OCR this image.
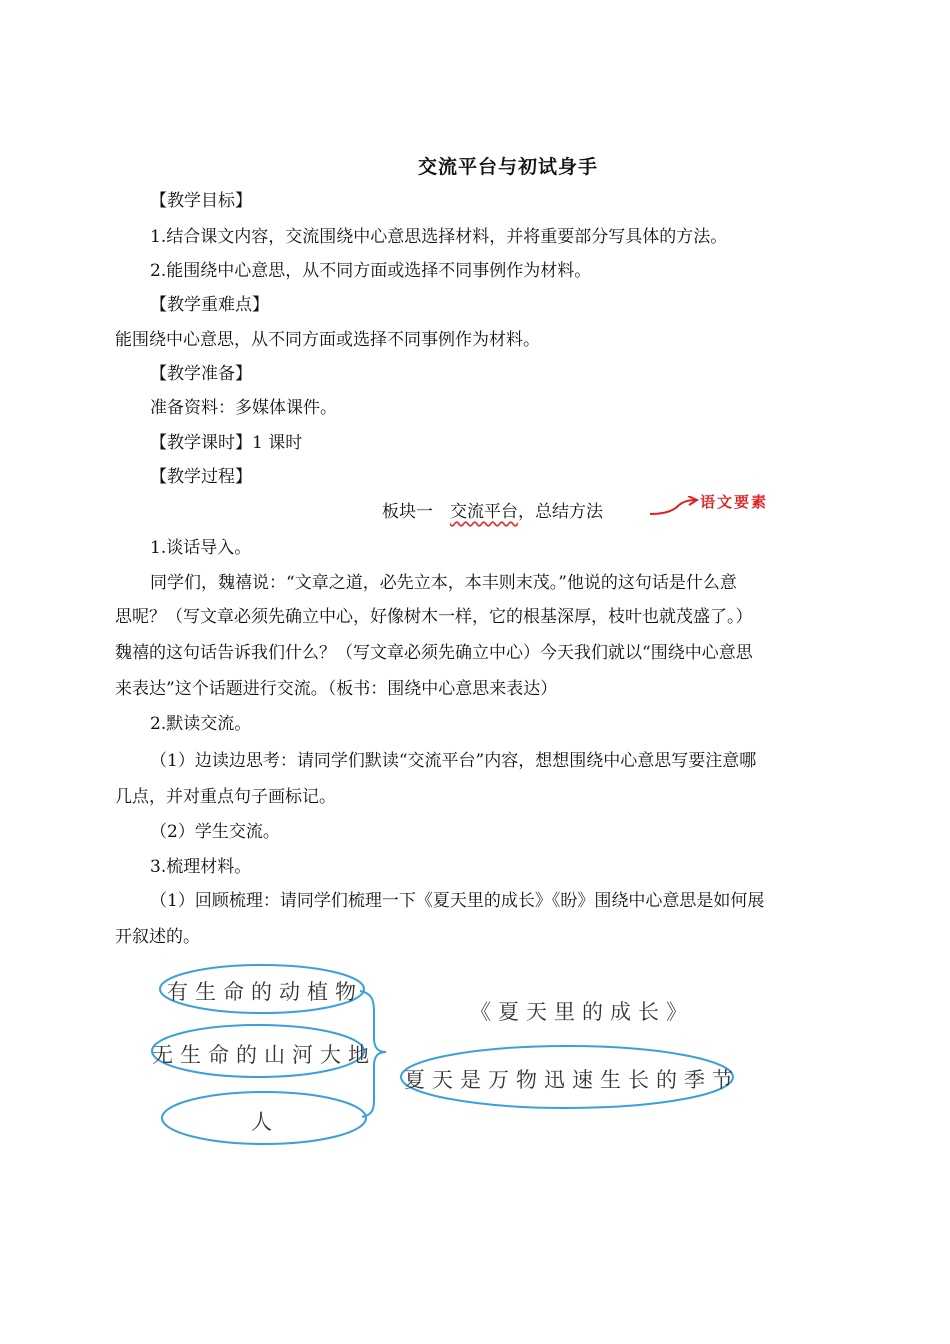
交流平台与初试身手
【教学目标】
1.结合课文内容，交流围绕中心意思选择材料，并将重要部分写具体的方法。
2.能围绕中心意思，从不同方面或选择不同事例作为材料。
【教学重难点】
能围绕中心意思，从不同方面或选择不同事例作为材料。
【教学准备】
准备资料：多媒体课件。
【教学课时】1 课时
【教学过程】
板块一　交流平台，总结方法	语文要素
1.谈话导入。
同学们，魏禧说：“文章之道，必先立本，本丰则末茂。”他说的这句话是什么意
思呢？（写文章必须先确立中心，好像树木一样，它的根基深厚，枝叶也就茂盛了。）
魏禧的这句话告诉我们什么？（写文章必须先确立中心）今天我们就以“围绕中心意思
来表达”这个话题进行交流。（板书：围绕中心意思来表达）
2.默读交流。
（1）边读边思考：请同学们默读“交流平台”内容，想想围绕中心意思写要注意哪
几点，并对重点句子画标记。
（2）学生交流。
3.梳理材料。
（1）回顾梳理：请同学们梳理一下《夏天里的成长》《盼》围绕中心意思是如何展
开叙述的。
有生命的动植物
无生命的山河大地
人
《夏天里的成长》
夏天是万物迅速生长的季节
